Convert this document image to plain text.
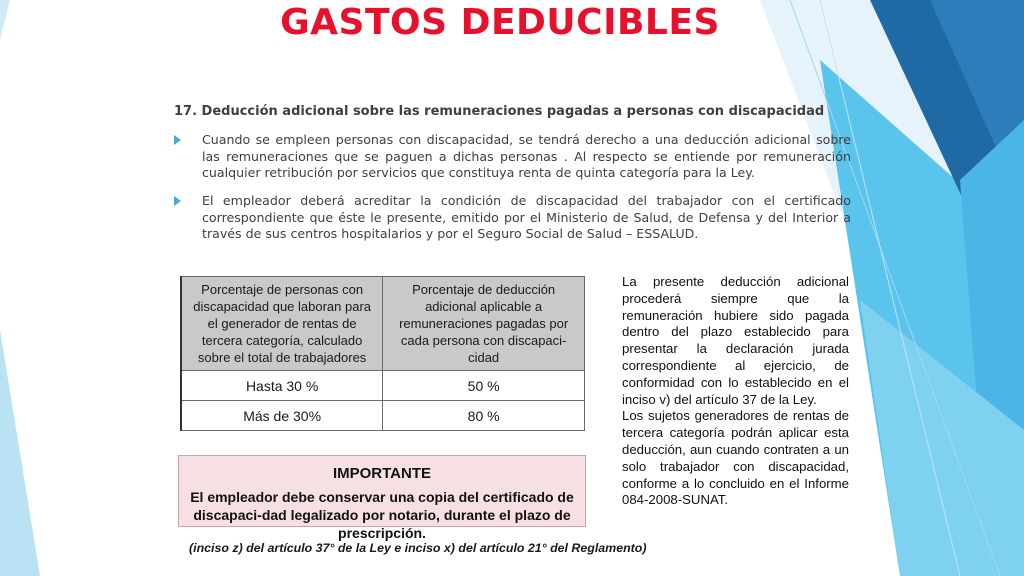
GASTOS DEDUCIBLES
17. Deducción adicional sobre las remuneraciones pagadas a personas con discapacidad
Cuando se empleen personas con discapacidad, se tendrá derecho a una deducción adicional sobre las remuneraciones que se paguen a dichas personas . Al respecto se entiende por remuneración cualquier retribución por servicios que constituya renta de quinta categoría para la Ley.
El empleador deberá acreditar la condición de discapacidad del trabajador con el certificado correspondiente que éste le presente, emitido por el Ministerio de Salud, de Defensa y del Interior a través de sus centros hospitalarios y por el Seguro Social de Salud – ESSALUD.
Porcentaje de personas con discapacidad que laboran para el generador de rentas de tercera categoría, calculado sobre el total de trabajadores	Porcentaje de deducción adicional aplicable a remuneraciones pagadas por cada persona con discapaci-cidad
Hasta 30 %	50 %
Más de 30%	80 %
IMPORTANTE
El empleador debe conservar una copia del certificado de discapaci-dad legalizado por notario, durante el plazo de prescripción.

La presente deducción adicional procederá siempre que la remuneración hubiere sido pagada dentro del plazo establecido para presentar la declaración jurada correspondiente al ejercicio, de conformidad con lo establecido en el inciso v) del artículo 37 de la Ley.

Los sujetos generadores de rentas de tercera categoría podrán aplicar esta deducción, aun cuando contraten a un solo trabajador con discapacidad, conforme a lo concluido en el Informe 084-2008-SUNAT.

(inciso z) del artículo 37° de la Ley e inciso x) del artículo 21° del Reglamento)
